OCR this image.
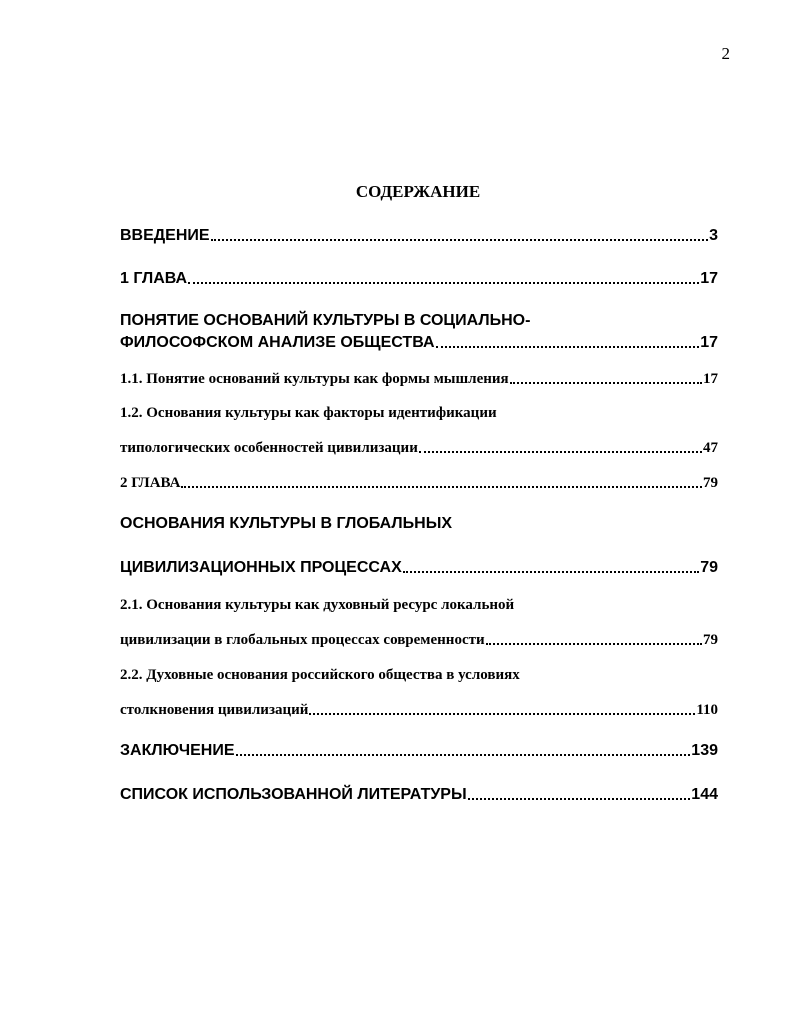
2
СОДЕРЖАНИЕ
ВВЕДЕНИЕ	3
1 ГЛАВА	17
ПОНЯТИЕ ОСНОВАНИЙ КУЛЬТУРЫ В СОЦИАЛЬНО-
ФИЛОСОФСКОМ АНАЛИЗЕ ОБЩЕСТВА	17
1.1. Понятие оснований культуры как формы мышления	17
1.2. Основания культуры как факторы идентификации
типологических особенностей цивилизации	47
2 ГЛАВА	79
ОСНОВАНИЯ КУЛЬТУРЫ В ГЛОБАЛЬНЫХ
ЦИВИЛИЗАЦИОННЫХ ПРОЦЕССАХ	79
2.1. Основания культуры как духовный ресурс локальной
цивилизации в глобальных процессах современности	79
2.2. Духовные основания российского общества в условиях
столкновения цивилизаций	110
ЗАКЛЮЧЕНИЕ	139
СПИСОК ИСПОЛЬЗОВАННОЙ ЛИТЕРАТУРЫ	144
